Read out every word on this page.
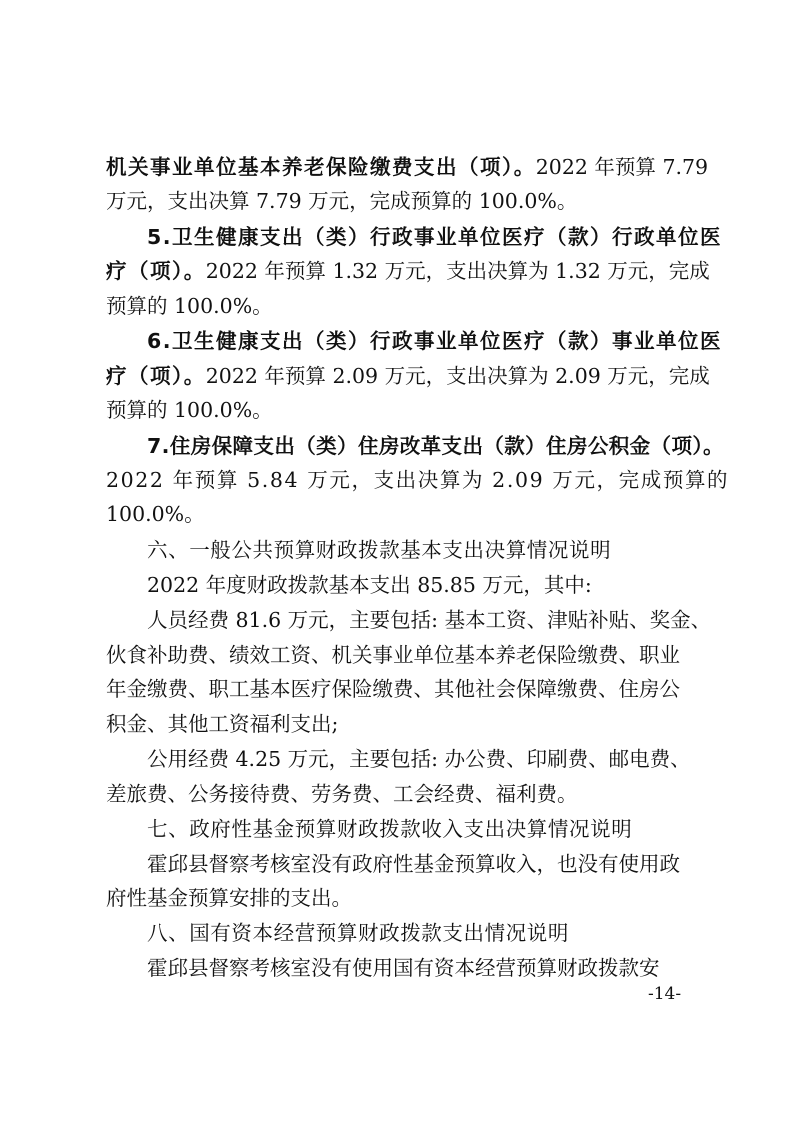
机关事业单位基本养老保险缴费支出（项）。 2022 年预算 7.79
万元，支出决算 7.79 万元，完成预算的 100.0%。
5.卫生健康支出（类）行政事业单位医疗（款）行政单位医
疗（项）。2022 年预算 1.32 万元，支出决算为 1.32 万元，完成
预算的 100.0%。
6.卫生健康支出（类）行政事业单位医疗（款）事业单位医
疗（项）。2022 年预算 2.09 万元，支出决算为 2.09 万元，完成
预算的 100.0%。
7.住房保障支出（类）住房改革支出（款）住房公积金（项）。
2022 年预算 5.84 万元，支出决算为 2.09 万元，完成预算的
100.0%。
六、一般公共预算财政拨款基本支出决算情况说明
2022 年度财政拨款基本支出 85.85 万元，其中:
人员经费 81.6 万元，主要包括: 基本工资、津贴补贴、奖金、
伙食补助费、绩效工资、机关事业单位基本养老保险缴费、职业
年金缴费、职工基本医疗保险缴费、其他社会保障缴费、住房公
积金、其他工资福利支出;
公用经费 4.25 万元，主要包括: 办公费、印刷费、邮电费、
差旅费、公务接待费、劳务费、工会经费、福利费。
七、政府性基金预算财政拨款收入支出决算情况说明
霍邱县督察考核室没有政府性基金预算收入，也没有使用政
府性基金预算安排的支出。
八、国有资本经营预算财政拨款支出情况说明
霍邱县督察考核室没有使用国有资本经营预算财政拨款安
-14-
